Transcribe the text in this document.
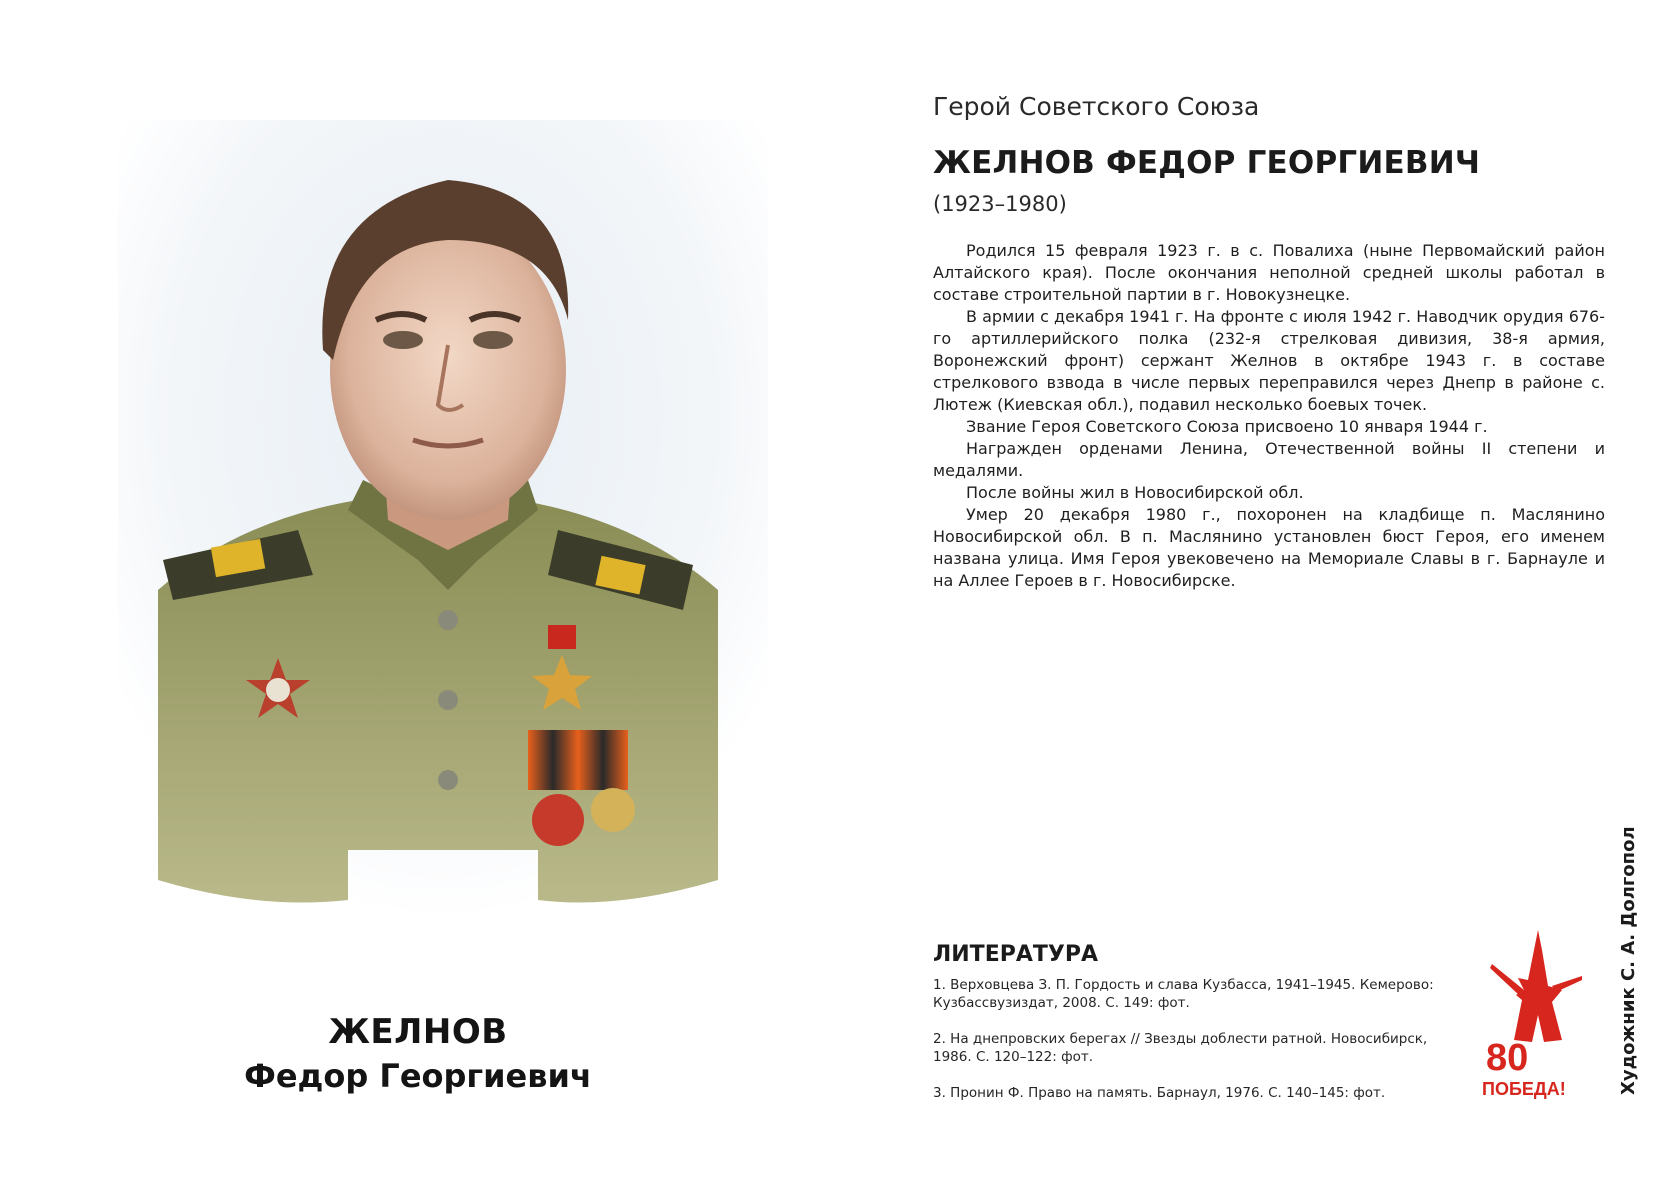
ЖЕЛНОВ
Федор Георгиевич
Герой Советского Союза
ЖЕЛНОВ ФЕДОР ГЕОРГИЕВИЧ
(1923–1980)

Родился 15 февраля 1923 г. в с. Повалиха (ныне Первомайский район Алтайского края). После окончания неполной средней школы работал в составе строительной партии в г. Новокузнецке.

В армии с декабря 1941 г. На фронте с июля 1942 г. Наводчик орудия 676-го артиллерийского полка (232-я стрелковая дивизия, 38-я армия, Воронежский фронт) сержант Желнов в октябре 1943 г. в составе стрелкового взвода в числе первых переправился через Днепр в районе с. Лютеж (Киевская обл.), подавил несколько боевых точек.

Звание Героя Советского Союза присвоено 10 января 1944 г.

Награжден орденами Ленина, Отечественной войны II степени и медалями.

После войны жил в Новосибирской обл.

Умер 20 декабря 1980 г., похоронен на кладбище п. Маслянино Новосибирской обл. В п. Маслянино установлен бюст Героя, его именем названа улица. Имя Героя увековечено на Мемориале Славы в г. Барнауле и на Аллее Героев в г. Новосибирске.

ЛИТЕРАТУРА
1. Верховцева З. П. Гордость и слава Кузбасса, 1941–1945. Кемерово: Кузбассвузиздат, 2008. С. 149: фот.
2. На днепровских берегах // Звезды доблести ратной. Новосибирск, 1986. С. 120–122: фот.
3. Пронин Ф. Право на память. Барнаул, 1976. С. 140–145: фот.
80
ПОБЕДА!	Художник С. А. Долгопол
